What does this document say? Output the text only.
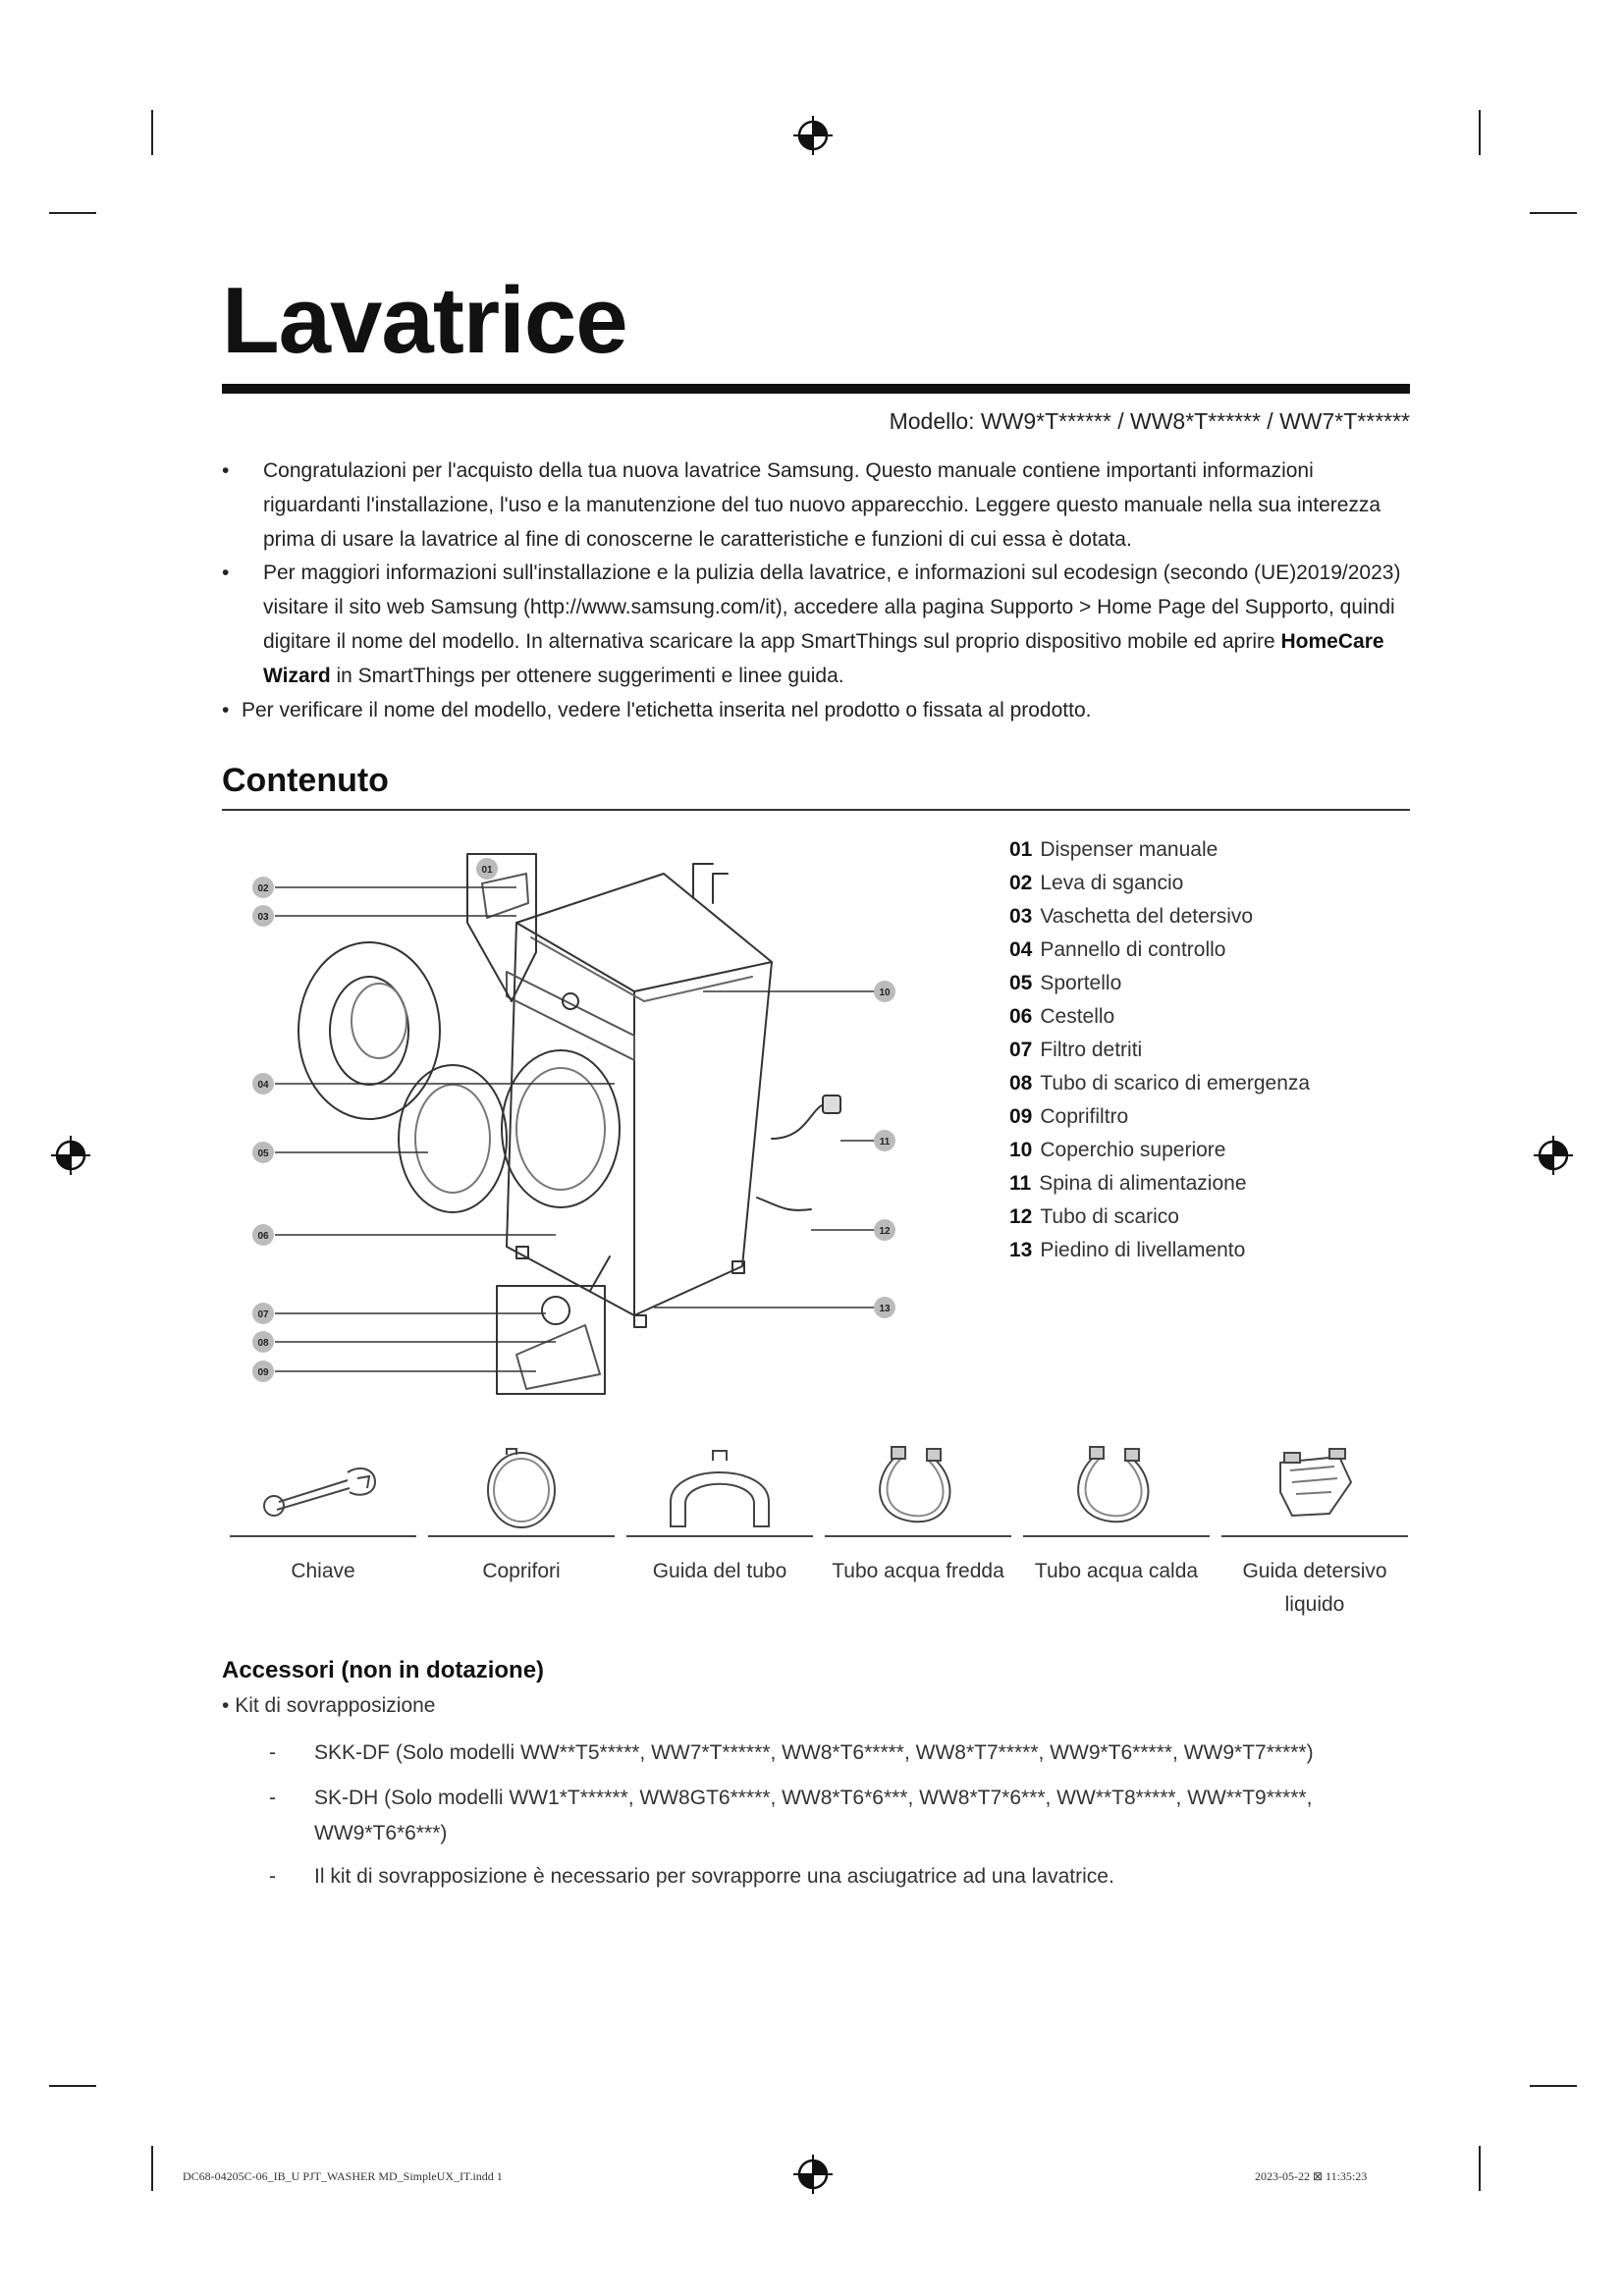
Lavatrice
Modello: WW9*T****** / WW8*T****** / WW7*T******
• Congratulazioni per l'acquisto della tua nuova lavatrice Samsung. Questo manuale contiene importanti informazioni riguardanti l'installazione, l'uso e la manutenzione del tuo nuovo apparecchio. Leggere questo manuale nella sua interezza prima di usare la lavatrice al fine di conoscerne le caratteristiche e funzioni di cui essa è dotata.
• Per maggiori informazioni sull'installazione e la pulizia della lavatrice, e informazioni sul ecodesign (secondo (UE)2019/2023) visitare il sito web Samsung (http://www.samsung.com/it), accedere alla pagina Supporto > Home Page del Supporto, quindi digitare il nome del modello. In alternativa scaricare la app SmartThings sul proprio dispositivo mobile ed aprire HomeCare Wizard in SmartThings per ottenere suggerimenti e linee guida.
• Per verificare il nome del modello, vedere l'etichetta inserita nel prodotto o fissata al prodotto.
Contenuto
01
02
03
04
05
06
07
08
09
10
11
12
13
01 Dispenser manuale
02 Leva di sgancio
03 Vaschetta del detersivo
04 Pannello di controllo
05 Sportello
06 Cestello
07 Filtro detriti
08 Tubo di scarico di emergenza
09 Coprifiltro
10 Coperchio superiore
11 Spina di alimentazione
12 Tubo di scarico
13 Piedino di livellamento
Chiave	Coprifori	Guida del tubo	Tubo acqua fredda	Tubo acqua calda	Guida detersivo liquido
Accessori (non in dotazione)
• Kit di sovrapposizione
- SKK-DF (Solo modelli WW**T5*****, WW7*T******, WW8*T6*****, WW8*T7*****, WW9*T6*****, WW9*T7*****)
- SK-DH (Solo modelli WW1*T******, WW8GT6*****, WW8*T6*6***, WW8*T7*6***, WW**T8*****, WW**T9*****, WW9*T6*6***)
- Il kit di sovrapposizione è necessario per sovrapporre una asciugatrice ad una lavatrice.
DC68-04205C-06_IB_U PJT_WASHER MD_SimpleUX_IT.indd 1	2023-05-22 ⊠ 11:35:23
